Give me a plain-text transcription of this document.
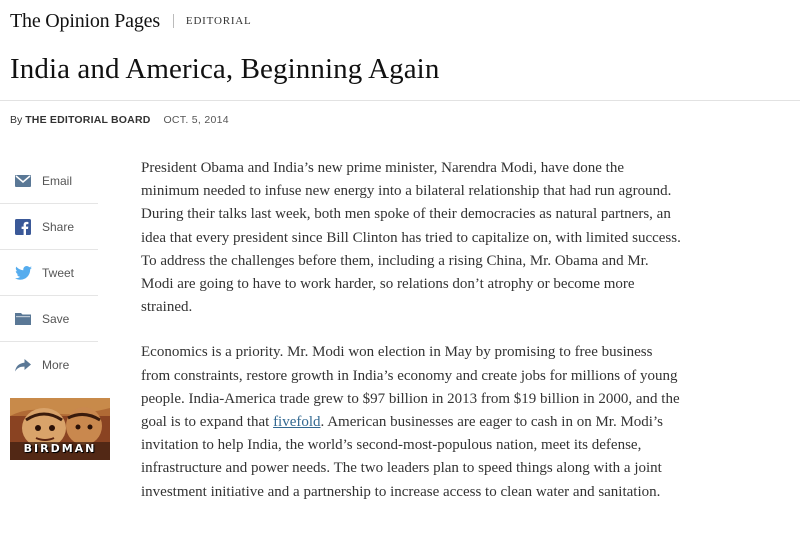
The Opinion Pages EDITORIAL
India and America, Beginning Again
By THE EDITORIAL BOARD OCT. 5, 2014
Email
Share
Tweet
Save
More
BIRDMAN

President Obama and India’s new prime minister, Narendra Modi, have done the minimum needed to infuse new energy into a bilateral relationship that had run aground. During their talks last week, both men spoke of their democracies as natural partners, an idea that every president since Bill Clinton has tried to capitalize on, with limited success. To address the challenges before them, including a rising China, Mr. Obama and Mr. Modi are going to have to work harder, so relations don’t atrophy or become more strained.

Economics is a priority. Mr. Modi won election in May by promising to free business from constraints, restore growth in India’s economy and create jobs for millions of young people. India-America trade grew to $97 billion in 2013 from $19 billion in 2000, and the goal is to expand that fivefold. American businesses are eager to cash in on Mr. Modi’s invitation to help India, the world’s second-most-populous nation, meet its defense, infrastructure and power needs. The two leaders plan to speed things along with a joint investment initiative and a partnership to increase access to clean water and sanitation.
